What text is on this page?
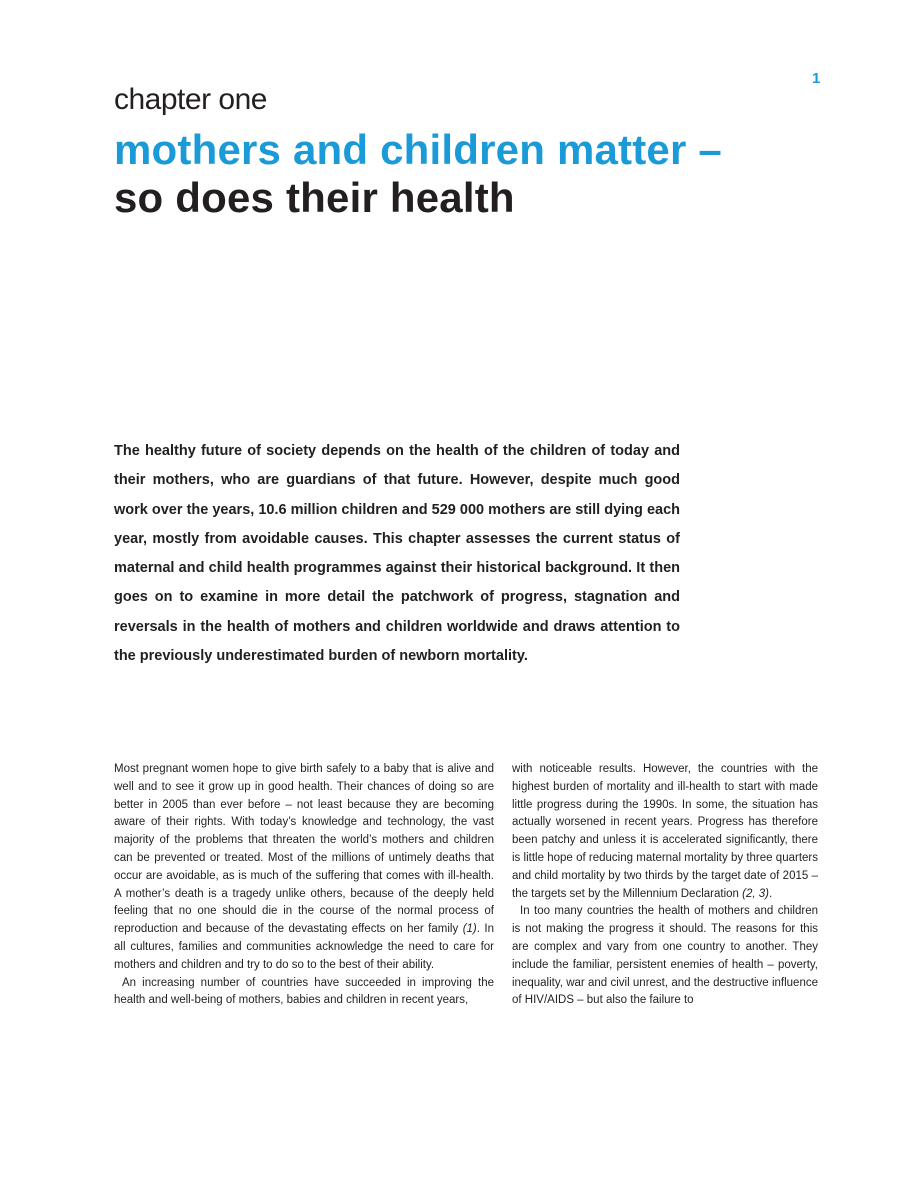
1
chapter one
mothers and children matter –
so does their health
The healthy future of society depends on the health of the children of today and their mothers, who are guardians of that future. However, despite much good work over the years, 10.6 million children and 529 000 mothers are still dying each year, mostly from avoidable causes. This chapter assesses the current status of maternal and child health programmes against their historical background. It then goes on to examine in more detail the patchwork of progress, stagnation and reversals in the health of mothers and children worldwide and draws attention to the previously underestimated burden of newborn mortality.

Most pregnant women hope to give birth safely to a baby that is alive and well and to see it grow up in good health. Their chances of doing so are better in 2005 than ever before – not least because they are becoming aware of their rights. With today’s knowledge and technology, the vast majority of the problems that threaten the world’s mothers and children can be prevented or treated. Most of the millions of untimely deaths that occur are avoidable, as is much of the suffering that comes with ill-health. A mother’s death is a tragedy unlike others, because of the deeply held feeling that no one should die in the course of the normal process of reproduction and because of the devastating effects on her family (1). In all cultures, families and communities acknowledge the need to care for mothers and children and try to do so to the best of their ability.

An increasing number of countries have succeeded in improving the health and well-being of mothers, babies and children in recent years,

with noticeable results. However, the countries with the highest burden of mortality and ill-health to start with made little progress during the 1990s. In some, the situation has actually worsened in recent years. Progress has therefore been patchy and unless it is accelerated significantly, there is little hope of reducing maternal mortality by three quarters and child mortality by two thirds by the target date of 2015 – the targets set by the Millennium Declaration (2, 3).

In too many countries the health of mothers and children is not making the progress it should. The reasons for this are complex and vary from one country to another. They include the familiar, persistent enemies of health – poverty, inequality, war and civil unrest, and the destructive influence of HIV/AIDS – but also the failure to
